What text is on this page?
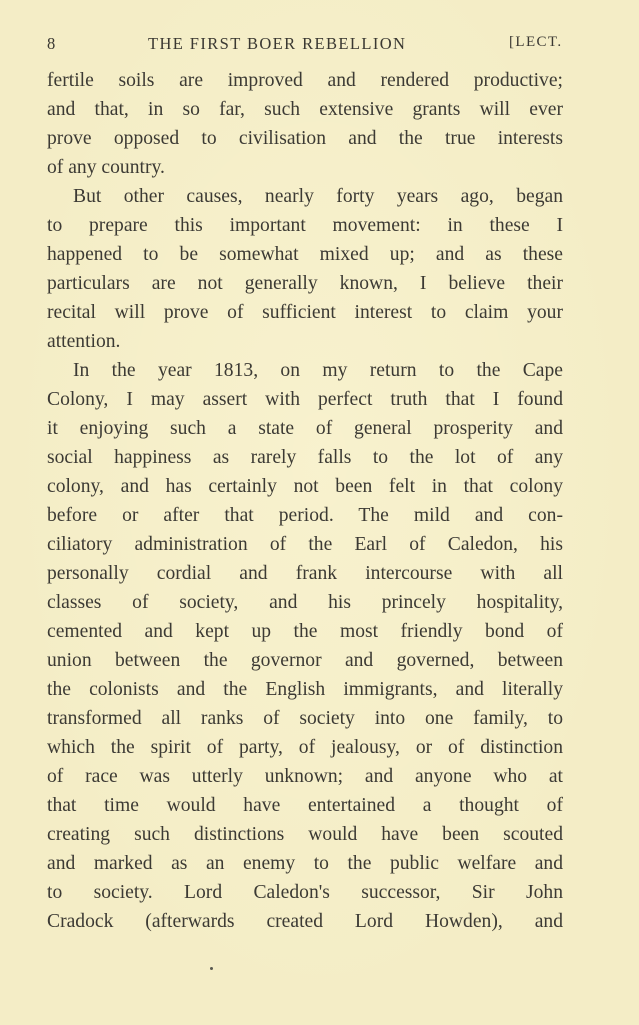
8	THE FIRST BOER REBELLION	[LECT.
fertile soils are improved and rendered productive;
and that, in so far, such extensive grants will ever
prove opposed to civilisation and the true interests
of any country.
But other causes, nearly forty years ago, began
to prepare this important movement: in these I
happened to be somewhat mixed up; and as these
particulars are not generally known, I believe their
recital will prove of sufficient interest to claim your
attention.
In the year 1813, on my return to the Cape
Colony, I may assert with perfect truth that I found
it enjoying such a state of general prosperity and
social happiness as rarely falls to the lot of any
colony, and has certainly not been felt in that colony
before or after that period. The mild and con-
ciliatory administration of the Earl of Caledon, his
personally cordial and frank intercourse with all
classes of society, and his princely hospitality,
cemented and kept up the most friendly bond of
union between the governor and governed, between
the colonists and the English immigrants, and literally
transformed all ranks of society into one family, to
which the spirit of party, of jealousy, or of distinction
of race was utterly unknown; and anyone who at
that time would have entertained a thought of
creating such distinctions would have been scouted
and marked as an enemy to the public welfare and
to society. Lord Caledon's successor, Sir John
Cradock (afterwards created Lord Howden), and
